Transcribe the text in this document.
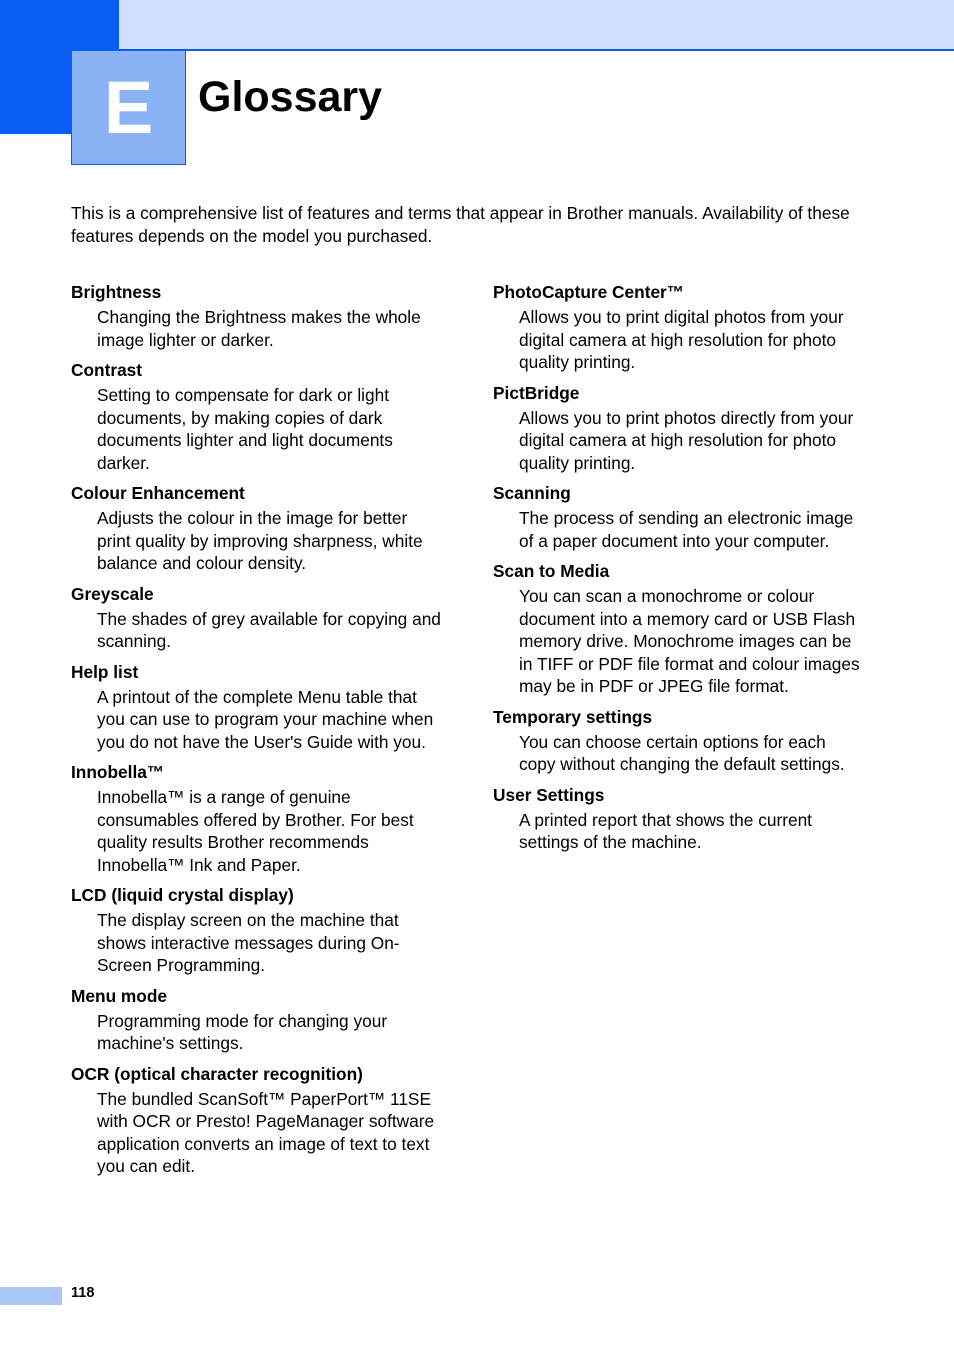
E Glossary

This is a comprehensive list of features and terms that appear in Brother manuals. Availability of these features depends on the model you purchased.

Brightness
Changing the Brightness makes the whole image lighter or darker.
Contrast
Setting to compensate for dark or light documents, by making copies of dark documents lighter and light documents darker.
Colour Enhancement
Adjusts the colour in the image for better print quality by improving sharpness, white balance and colour density.
Greyscale
The shades of grey available for copying and scanning.
Help list
A printout of the complete Menu table that you can use to program your machine when you do not have the User's Guide with you.
Innobella™
Innobella™ is a range of genuine consumables offered by Brother. For best quality results Brother recommends Innobella™ Ink and Paper.
LCD (liquid crystal display)
The display screen on the machine that shows interactive messages during On-Screen Programming.
Menu mode
Programming mode for changing your machine's settings.
OCR (optical character recognition)
The bundled ScanSoft™ PaperPort™ 11SE with OCR or Presto! PageManager software application converts an image of text to text you can edit.
PhotoCapture Center™
Allows you to print digital photos from your digital camera at high resolution for photo quality printing.
PictBridge
Allows you to print photos directly from your digital camera at high resolution for photo quality printing.
Scanning
The process of sending an electronic image of a paper document into your computer.
Scan to Media
You can scan a monochrome or colour document into a memory card or USB Flash memory drive. Monochrome images can be in TIFF or PDF file format and colour images may be in PDF or JPEG file format.
Temporary settings
You can choose certain options for each copy without changing the default settings.
User Settings
A printed report that shows the current settings of the machine.
118
